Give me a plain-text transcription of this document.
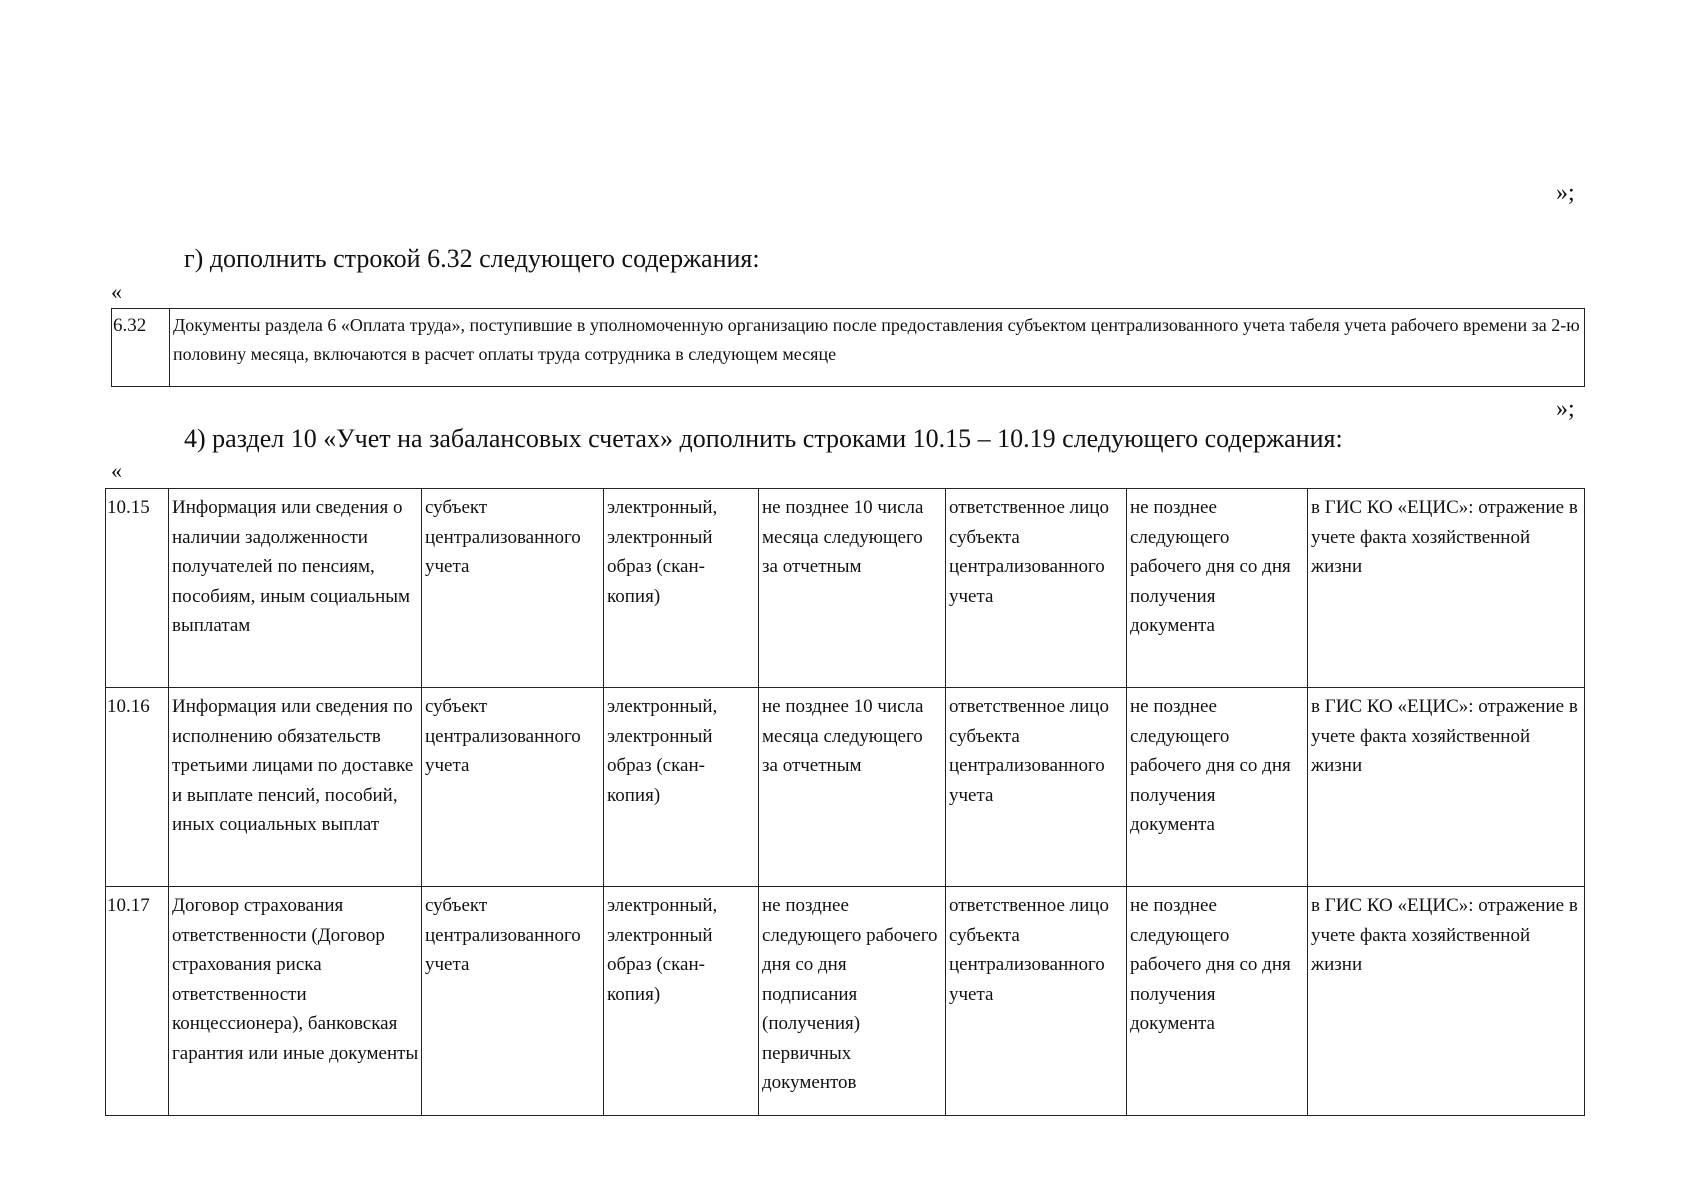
»;
г) дополнить строкой 6.32 следующего содержания:
«
6.32	Документы раздела 6 «Оплата труда», поступившие в уполномоченную организацию после предоставления субъектом централизованного учета табеля учета рабочего времени за 2-ю половину месяца, включаются в расчет оплаты труда сотрудника в следующем месяце
»;
4) раздел 10 «Учет на забалансовых счетах» дополнить строками 10.15 – 10.19 следующего содержания:
«
10.15	Информация или сведения о наличии задолженности получателей по пенсиям, пособиям, иным социальным выплатам	субъект централизованного учета	электронный, электронный образ (скан-копия)	не позднее 10 числа месяца следующего за отчетным	ответственное лицо субъекта централизованного учета	не позднее следующего рабочего дня со дня получения документа	в ГИС КО «ЕЦИС»: отражение в учете факта хозяйственной жизни
10.16	Информация или сведения по исполнению обязательств третьими лицами по доставке и выплате пенсий, пособий, иных социальных выплат	субъект централизованного учета	электронный, электронный образ (скан-копия)	не позднее 10 числа месяца следующего за отчетным	ответственное лицо субъекта централизованного учета	не позднее следующего рабочего дня со дня получения документа	в ГИС КО «ЕЦИС»: отражение в учете факта хозяйственной жизни
10.17	Договор страхования ответственности (Договор страхования риска ответственности концессионера), банковская гарантия или иные документы	субъект централизованного учета	электронный, электронный образ (скан-копия)	не позднее следующего рабочего дня со дня подписания (получения) первичных документов	ответственное лицо субъекта централизованного учета	не позднее следующего рабочего дня со дня получения документа	в ГИС КО «ЕЦИС»: отражение в учете факта хозяйственной жизни
